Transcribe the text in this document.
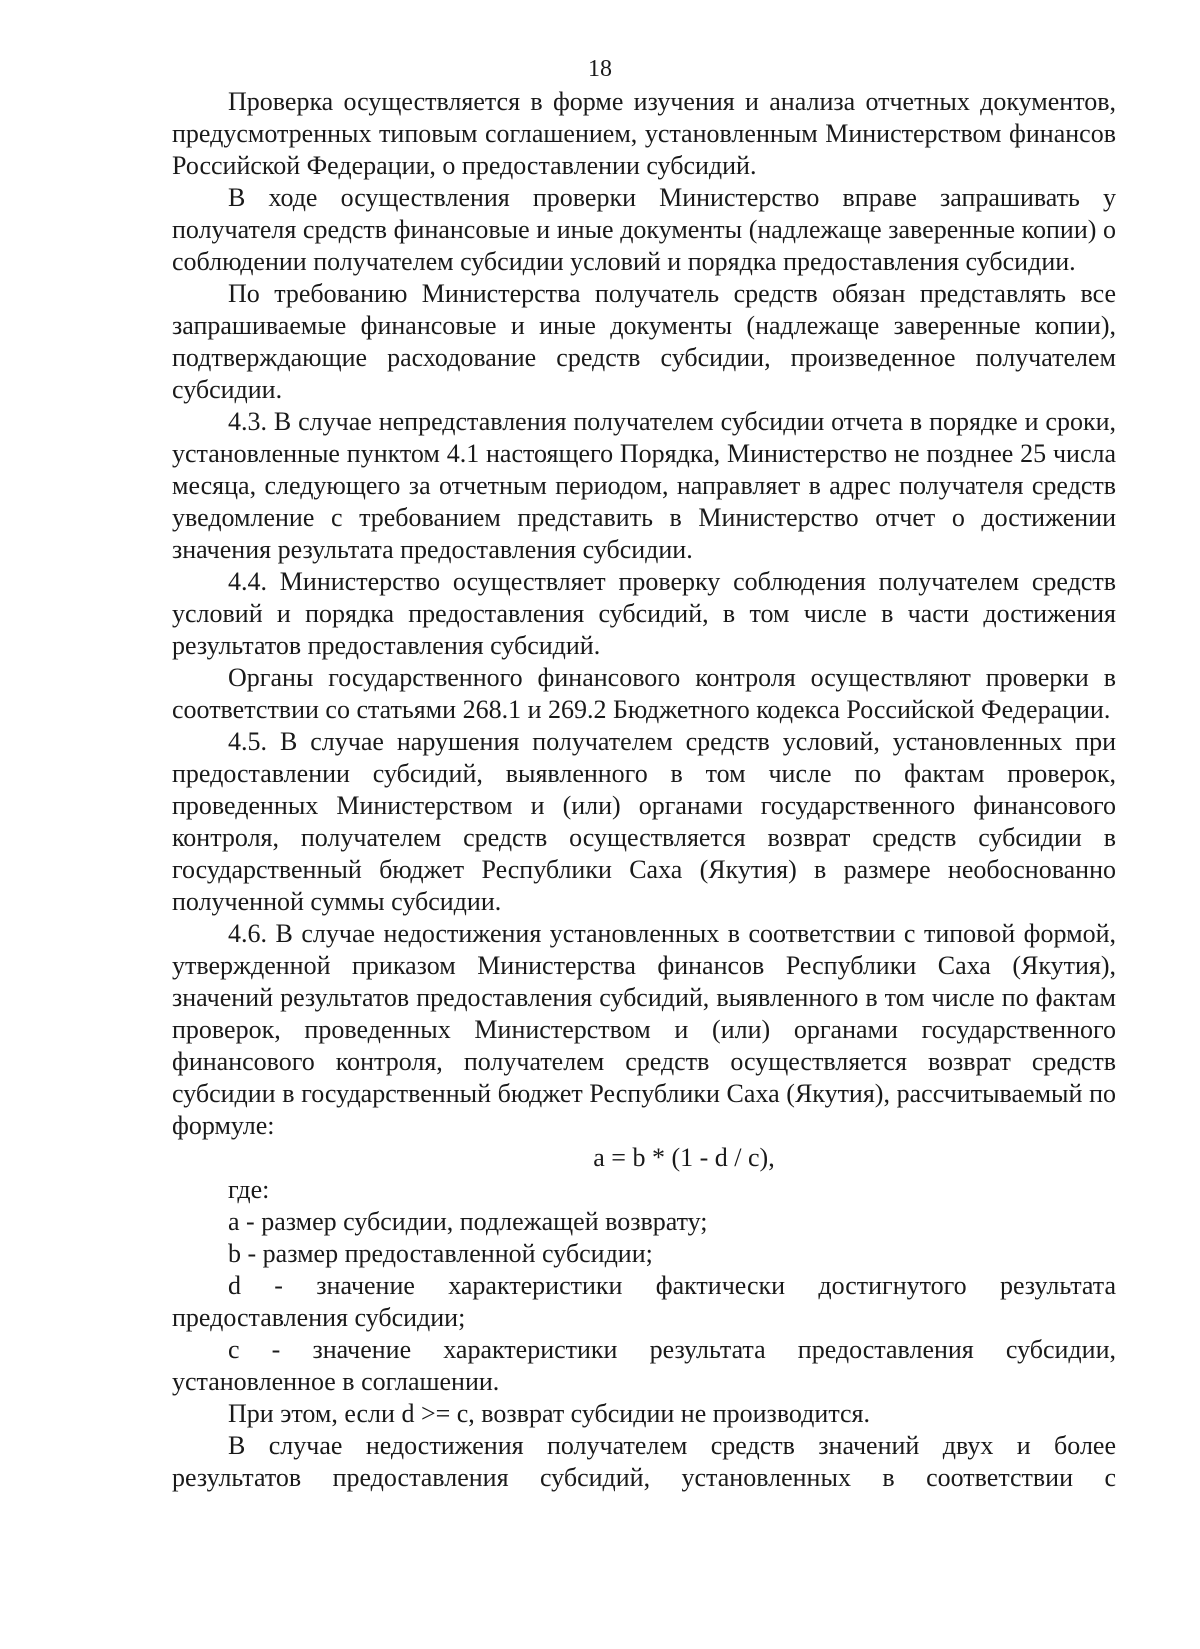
18

Проверка осуществляется в форме изучения и анализа отчетных документов, предусмотренных типовым соглашением, установленным Министерством финансов Российской Федерации, о предоставлении субсидий.

В ходе осуществления проверки Министерство вправе запрашивать у получателя средств финансовые и иные документы (надлежаще заверенные копии) о соблюдении получателем субсидии условий и порядка предоставления субсидии.

По требованию Министерства получатель средств обязан представлять все запрашиваемые финансовые и иные документы (надлежаще заверенные копии), подтверждающие расходование средств субсидии, произведенное получателем субсидии.

4.3. В случае непредставления получателем субсидии отчета в порядке и сроки, установленные пунктом 4.1 настоящего Порядка, Министерство не позднее 25 числа месяца, следующего за отчетным периодом, направляет в адрес получателя средств уведомление с требованием представить в Министерство отчет о достижении значения результата предоставления субсидии.

4.4. Министерство осуществляет проверку соблюдения получателем средств условий и порядка предоставления субсидий, в том числе в части достижения результатов предоставления субсидий.

Органы государственного финансового контроля осуществляют проверки в соответствии со статьями 268.1 и 269.2 Бюджетного кодекса Российской Федерации.

4.5. В случае нарушения получателем средств условий, установленных при предоставлении субсидий, выявленного в том числе по фактам проверок, проведенных Министерством и (или) органами государственного финансового контроля, получателем средств осуществляется возврат средств субсидии в государственный бюджет Республики Саха (Якутия) в размере необоснованно полученной суммы субсидии.

4.6. В случае недостижения установленных в соответствии с типовой формой, утвержденной приказом Министерства финансов Республики Саха (Якутия), значений результатов предоставления субсидий, выявленного в том числе по фактам проверок, проведенных Министерством и (или) органами государственного финансового контроля, получателем средств осуществляется возврат средств субсидии в государственный бюджет Республики Саха (Якутия), рассчитываемый по формуле:

a = b * (1 - d / c),

где:

a - размер субсидии, подлежащей возврату;

b - размер предоставленной субсидии;

d - значение характеристики фактически достигнутого результата предоставления субсидии;

c - значение характеристики результата предоставления субсидии, установленное в соглашении.

При этом, если d >= c, возврат субсидии не производится.

В случае недостижения получателем средств значений двух и более результатов предоставления субсидий, установленных в соответствии с
